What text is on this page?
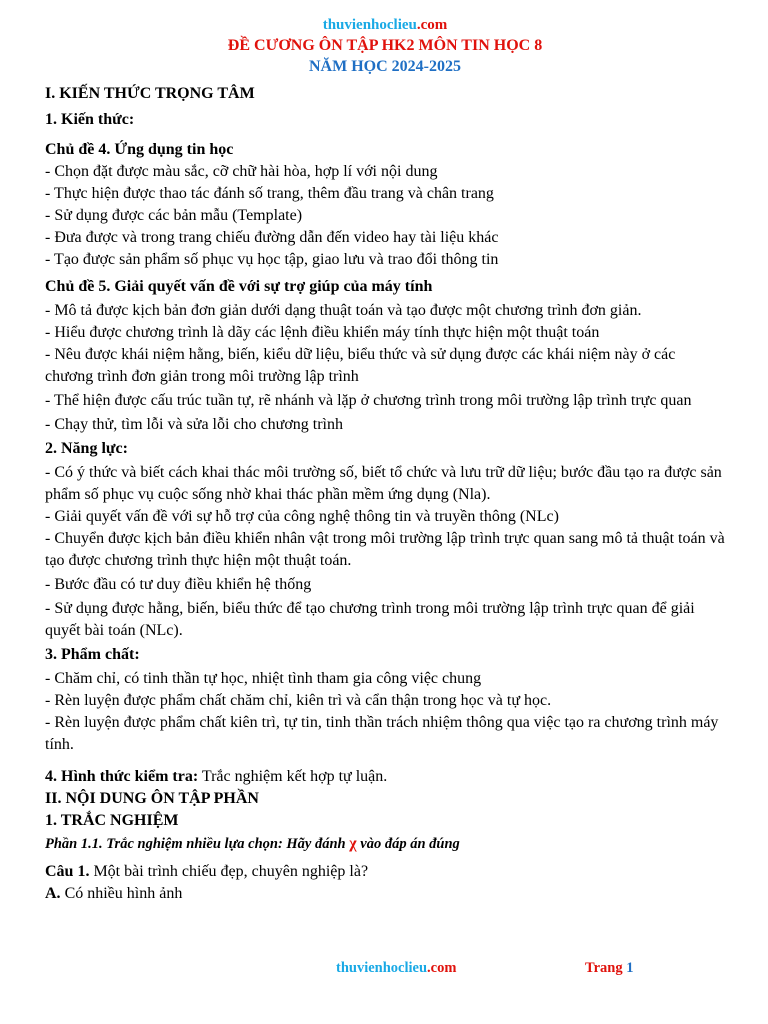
thuvienhoclieu.com
ĐỀ CƯƠNG ÔN TẬP HK2 MÔN TIN HỌC 8
NĂM HỌC 2024-2025
I. KIẾN THỨC TRỌNG TÂM
1. Kiến thức:
Chủ đề 4. Ứng dụng tin học
- Chọn đặt được màu sắc, cỡ chữ hài hòa, hợp lí với nội dung
- Thực hiện được thao tác đánh số trang, thêm đầu trang và chân trang
- Sử dụng được các bản mẫu (Template)
- Đưa được và trong trang chiếu đường dẫn đến video hay tài liệu khác
- Tạo được sản phẩm số phục vụ học tập, giao lưu và trao đổi thông tin
Chủ đề 5. Giải quyết vấn đề với sự trợ giúp của máy tính
- Mô tả được kịch bản đơn giản dưới dạng thuật toán và tạo được một chương trình đơn giản.
- Hiểu được chương trình là dãy các lệnh điều khiển máy tính thực hiện một thuật toán
- Nêu được khái niệm hằng, biến, kiểu dữ liệu, biểu thức và sử dụng được các khái niệm này ở các chương trình đơn giản trong môi trường lập trình
- Thể hiện được cấu trúc tuần tự, rẽ nhánh và lặp ở chương trình trong môi trường lập trình trực quan
- Chạy thử, tìm lỗi và sửa lỗi cho chương trình
2. Năng lực:
- Có ý thức và biết cách khai thác môi trường số, biết tổ chức và lưu trữ dữ liệu; bước đầu tạo ra được sản phẩm số phục vụ cuộc sống nhờ khai thác phần mềm ứng dụng (Nla).
- Giải quyết vấn đề với sự hỗ trợ của công nghệ thông tin và truyền thông (NLc)
- Chuyển được kịch bản điều khiển nhân vật trong môi trường lập trình trực quan sang mô tả thuật toán và tạo được chương trình thực hiện một thuật toán.
- Bước đầu có tư duy điều khiển hệ thống
- Sử dụng được hằng, biến, biểu thức để tạo chương trình trong môi trường lập trình trực quan để giải quyết bài toán (NLc).
3. Phẩm chất:
- Chăm chỉ, có tinh thần tự học, nhiệt tình tham gia công việc chung
- Rèn luyện được phẩm chất chăm chỉ, kiên trì và cẩn thận trong học và tự học.
- Rèn luyện được phẩm chất kiên trì, tự tin, tinh thần trách nhiệm thông qua việc tạo ra chương trình máy tính.
4. Hình thức kiểm tra: Trắc nghiệm kết hợp tự luận.
II. NỘI DUNG ÔN TẬP PHẦN
1. TRẮC NGHIỆM
Phần 1.1. Trắc nghiệm nhiều lựa chọn: Hãy đánh χ vào đáp án đúng
Câu 1. Một bài trình chiếu đẹp, chuyên nghiệp là?
A. Có nhiều hình ảnh
thuvienhoclieu.com	Trang 1
